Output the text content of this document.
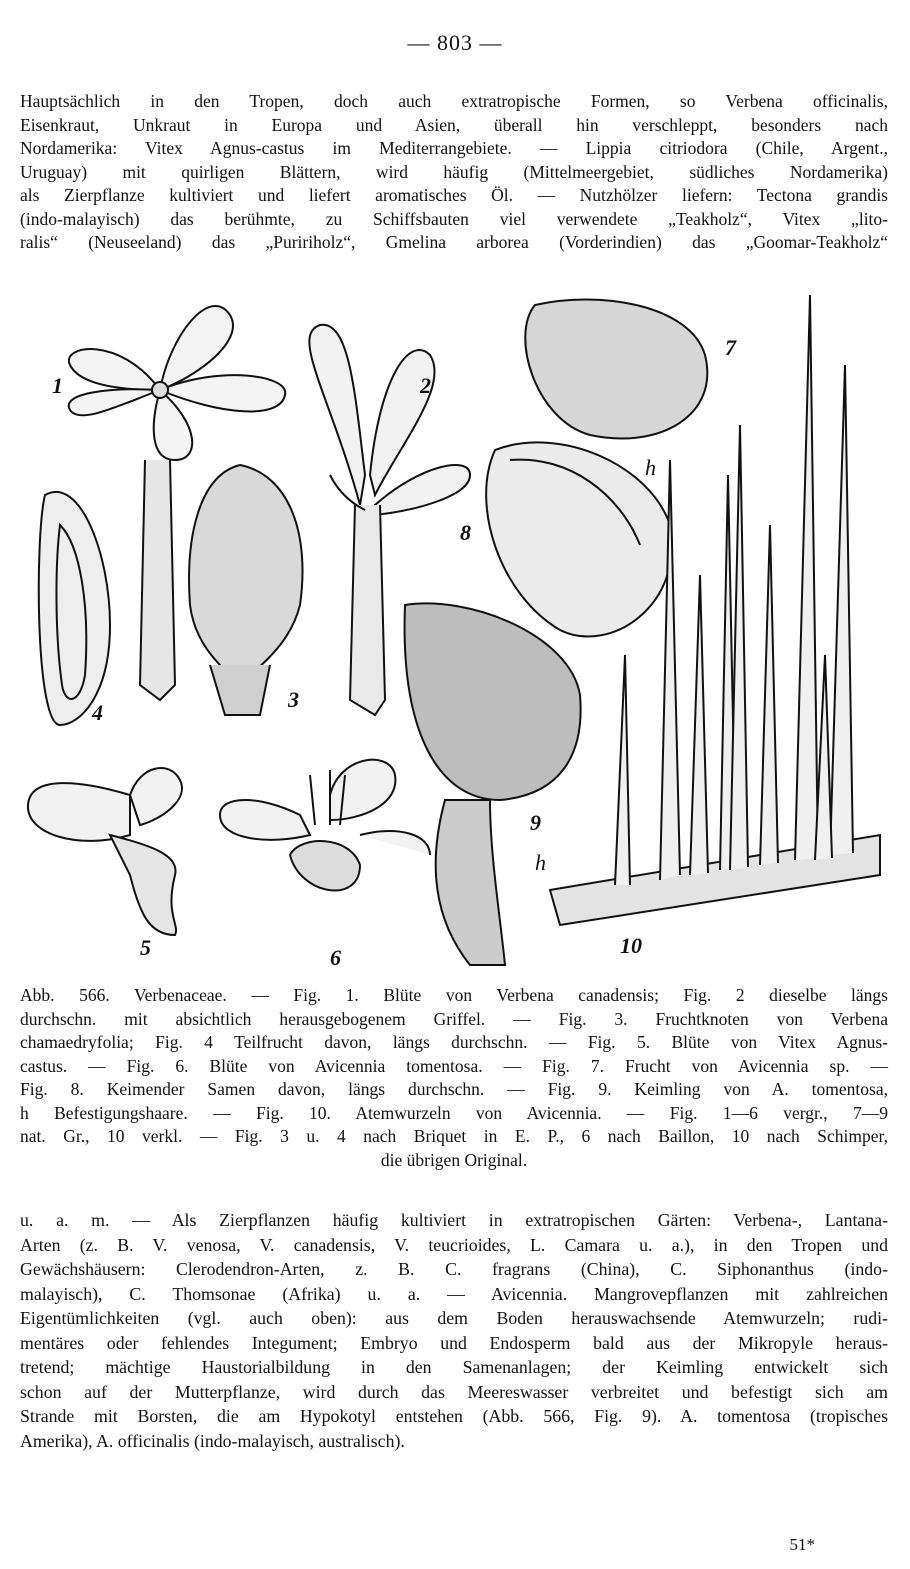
— 803 —
Hauptsächlich in den Tropen, doch auch extratropische Formen, so Verbena officinalis,
Eisenkraut, Unkraut in Europa und Asien, überall hin verschleppt, besonders nach
Nordamerika: Vitex Agnus-castus im Mediterrangebiete. — Lippia citriodora (Chile, Argent.,
Uruguay) mit quirligen Blättern, wird häufig (Mittelmeergebiet, südliches Nordamerika)
als Zierpflanze kultiviert und liefert aromatisches Öl. — Nutzhölzer liefern: Tectona grandis
(indo-malayisch) das berühmte, zu Schiffsbauten viel verwendete „Teakholz“, Vitex „lito-
ralis“ (Neuseeland) das „Puririholz“, Gmelina arborea (Vorderindien) das „Goomar-Teakholz“
1	2
3
4
5	6
7
8
9
10
h
h
Abb. 566. Verbenaceae. — Fig. 1. Blüte von Verbena canadensis; Fig. 2 dieselbe längs
durchschn. mit absichtlich herausgebogenem Griffel. — Fig. 3. Fruchtknoten von Verbena
chamaedryfolia; Fig. 4 Teilfrucht davon, längs durchschn. — Fig. 5. Blüte von Vitex Agnus-
castus. — Fig. 6. Blüte von Avicennia tomentosa. — Fig. 7. Frucht von Avicennia sp. —
Fig. 8. Keimender Samen davon, längs durchschn. — Fig. 9. Keimling von A. tomentosa,
h Befestigungshaare. — Fig. 10. Atemwurzeln von Avicennia. — Fig. 1—6 vergr., 7—9
nat. Gr., 10 verkl. — Fig. 3 u. 4 nach Briquet in E. P., 6 nach Baillon, 10 nach Schimper,
die übrigen Original.
u. a. m. — Als Zierpflanzen häufig kultiviert in extratropischen Gärten: Verbena-, Lantana-
Arten (z. B. V. venosa, V. canadensis, V. teucrioides, L. Camara u. a.), in den Tropen und
Gewächshäusern: Clerodendron-Arten, z. B. C. fragrans (China), C. Siphonanthus (indo-
malayisch), C. Thomsonae (Afrika) u. a. — Avicennia. Mangrovepflanzen mit zahlreichen
Eigentümlichkeiten (vgl. auch oben): aus dem Boden herauswachsende Atemwurzeln; rudi-
mentäres oder fehlendes Integument; Embryo und Endosperm bald aus der Mikropyle heraus-
tretend; mächtige Haustorialbildung in den Samenanlagen; der Keimling entwickelt sich
schon auf der Mutterpflanze, wird durch das Meereswasser verbreitet und befestigt sich am
Strande mit Borsten, die am Hypokotyl entstehen (Abb. 566, Fig. 9). A. tomentosa (tropisches
Amerika), A. officinalis (indo-malayisch, australisch).
51*
